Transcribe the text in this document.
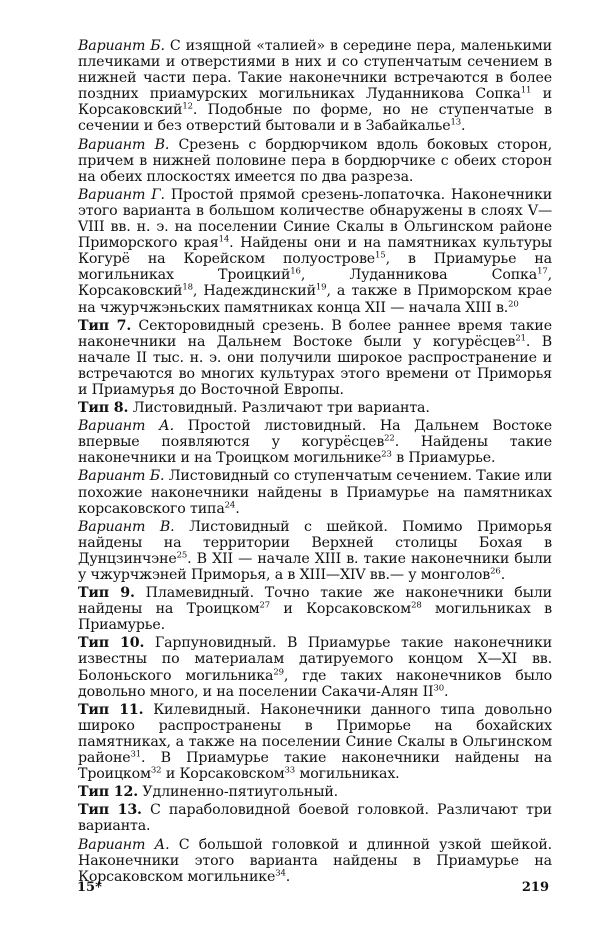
Вариант Б. С изящной «талией» в середине пера, маленькими плечиками и отверстиями в них и со ступенчатым сечением в нижней части пера. Такие наконечники встречаются в более поздних приамурских могильниках Луданникова Сопка$^{11}$ и Корсаковский$^{12}$. Подобные по форме, но не ступенчатые в сечении и без отверстий бытовали и в Забайкалье$^{13}$.

Вариант В. Срезень с бордюрчиком вдоль боковых сторон, причем в нижней половине пера в бордюрчике с обеих сторон на обеих плоскостях имеется по два разреза.

Вариант Г. Простой прямой срезень-лопаточка. Наконечники этого варианта в большом количестве обнаружены в слоях V—VIII вв. н. э. на поселении Синие Скалы в Ольгинском районе Приморского края$^{14}$. Найдены они и на памятниках культуры Когурё на Корейском полуострове$^{15}$, в Приамурье на могильниках Троицкий$^{16}$, Луданникова Сопка$^{17}$, Корсаковский$^{18}$, Надеждинский$^{19}$, а также в Приморском крае на чжурчжэньских памятниках конца XII — начала XIII в.$^{20}$

Тип 7. Секторовидный срезень. В более раннее время такие наконечники на Дальнем Востоке были у когурёсцев$^{21}$. В начале II тыс. н. э. они получили широкое распространение и встречаются во многих культурах этого времени от Приморья и Приамурья до Восточной Европы.

Тип 8. Листовидный. Различают три варианта.

Вариант А. Простой листовидный. На Дальнем Востоке впервые появляются у когурёсцев$^{22}$. Найдены такие наконечники и на Троицком могильнике$^{23}$ в Приамурье.

Вариант Б. Листовидный со ступенчатым сечением. Такие или похожие наконечники найдены в Приамурье на памятниках корсаковского типа$^{24}$.

Вариант В. Листовидный с шейкой. Помимо Приморья найдены на территории Верхней столицы Бохая в Дунцзинчэне$^{25}$. В XII — начале XIII в. такие наконечники были у чжурчжэней Приморья, а в XIII—XIV вв.— у монголов$^{26}$.

Тип 9. Пламевидный. Точно такие же наконечники были найдены на Троицком$^{27}$ и Корсаковском$^{28}$ могильниках в Приамурье.

Тип 10. Гарпуновидный. В Приамурье такие наконечники известны по материалам датируемого концом X—XI вв. Болоньского могильника$^{29}$, где таких наконечников было довольно много, и на поселении Сакачи-Алян II$^{30}$.

Тип 11. Килевидный. Наконечники данного типа довольно широко распространены в Приморье на бохайских памятниках, а также на поселении Синие Скалы в Ольгинском районе$^{31}$. В Приамурье такие наконечники найдены на Троицком$^{32}$ и Корсаковском$^{33}$ могильниках.

Тип 12. Удлиненно-пятиугольный.

Тип 13. С параболовидной боевой головкой. Различают три варианта.

Вариант А. С большой головкой и длинной узкой шейкой. Наконечники этого варианта найдены в Приамурье на Корсаковском могильнике$^{34}$.

15*	219
